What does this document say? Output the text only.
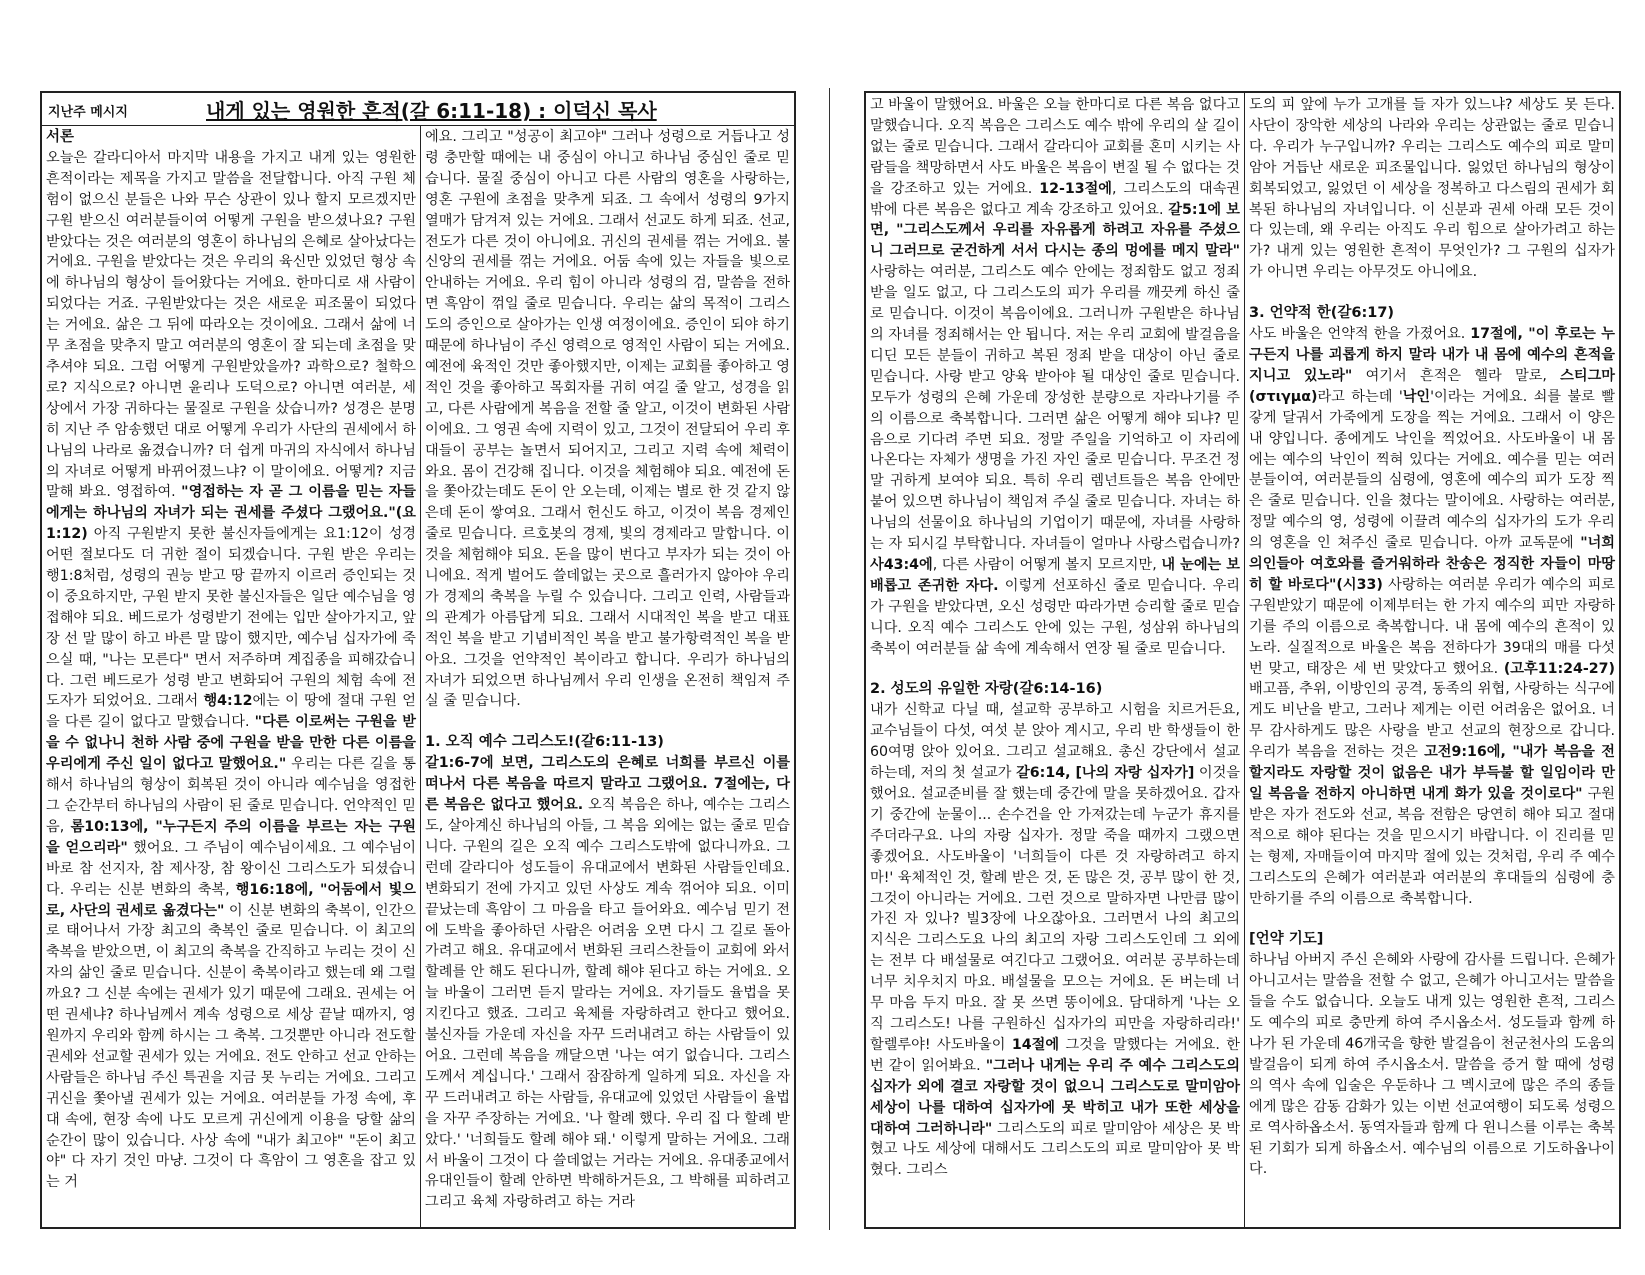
지난주 메시지	내게 있는 영원한 흔적(갈 6:11-18) : 이덕신 목사
서론

오늘은 갈라디아서 마지막 내용을 가지고 내게 있는 영원한 흔적이라는 제목을 가지고 말씀을 전달합니다. 아직 구원 체험이 없으신 분들은 나와 무슨 상관이 있나 할지 모르겠지만 구원 받으신 여러분들이여 어떻게 구원을 받으셨나요? 구원 받았다는 것은 여러분의 영혼이 하나님의 은혜로 살아났다는 거에요. 구원을 받았다는 것은 우리의 육신만 있었던 형상 속에 하나님의 형상이 들어왔다는 거에요. 한마디로 새 사람이 되었다는 거죠. 구원받았다는 것은 새로운 피조물이 되었다는 거에요. 삶은 그 뒤에 따라오는 것이에요. 그래서 삶에 너무 초점을 맞추지 말고 여러분의 영혼이 잘 되는데 초점을 맞추셔야 되요. 그럼 어떻게 구원받았을까? 과학으로? 철학으로? 지식으로? 아니면 윤리나 도덕으로? 아니면 여러분, 세상에서 가장 귀하다는 물질로 구원을 샀습니까? 성경은 분명히 지난 주 암송했던 대로 어떻게 우리가 사단의 권세에서 하나님의 나라로 옮겼습니까? 더 쉽게 마귀의 자식에서 하나님의 자녀로 어떻게 바뀌어졌느냐? 이 말이에요. 어떻게? 지금 말해 봐요. 영접하여. "영접하는 자 곧 그 이름을 믿는 자들에게는 하나님의 자녀가 되는 권세를 주셨다 그랬어요."(요1:12) 아직 구원받지 못한 불신자들에게는 요1:12이 성경 어떤 절보다도 더 귀한 절이 되겠습니다. 구원 받은 우리는 행1:8처럼, 성령의 권능 받고 땅 끝까지 이르러 증인되는 것이 중요하지만, 구원 받지 못한 불신자들은 일단 예수님을 영접해야 되요. 베드로가 성령받기 전에는 입만 살아가지고, 앞장 선 말 많이 하고 바른 말 많이 했지만, 예수님 십자가에 죽으실 때, "나는 모른다" 면서 저주하며 계집종을 피해갔습니다. 그런 베드로가 성령 받고 변화되어 구원의 체험 속에 전도자가 되었어요. 그래서 행4:12에는 이 땅에 절대 구원 얻을 다른 길이 없다고 말했습니다. "다른 이로써는 구원을 받을 수 없나니 천하 사람 중에 구원을 받을 만한 다른 이름을 우리에게 주신 일이 없다고 말했어요." 우리는 다른 길을 통해서 하나님의 형상이 회복된 것이 아니라 예수님을 영접한 그 순간부터 하나님의 사람이 된 줄로 믿습니다. 언약적인 믿음, 롬10:13에, "누구든지 주의 이름을 부르는 자는 구원을 얻으리라" 했어요. 그 주님이 예수님이세요. 그 예수님이 바로 참 선지자, 참 제사장, 참 왕이신 그리스도가 되셨습니다. 우리는 신분 변화의 축복, 행16:18에, "어둠에서 빛으로, 사단의 권세로 옮겼다는" 이 신분 변화의 축복이, 인간으로 태어나서 가장 최고의 축복인 줄로 믿습니다. 이 최고의 축복을 받았으면, 이 최고의 축복을 간직하고 누리는 것이 신자의 삶인 줄로 믿습니다. 신분이 축복이라고 했는데 왜 그럴까요? 그 신분 속에는 권세가 있기 때문에 그래요. 권세는 어떤 권세냐? 하나님께서 계속 성령으로 세상 끝날 때까지, 영원까지 우리와 함께 하시는 그 축복. 그것뿐만 아니라 전도할 권세와 선교할 권세가 있는 거에요. 전도 안하고 선교 안하는 사람들은 하나님 주신 특권을 지금 못 누리는 거에요. 그리고 귀신을 쫓아낼 권세가 있는 거에요. 여러분들 가정 속에, 후대 속에, 현장 속에 나도 모르게 귀신에게 이용을 당할 삶의 순간이 많이 있습니다. 사상 속에 "내가 최고야" "돈이 최고야" 다 자기 것인 마냥. 그것이 다 흑암이 그 영혼을 잡고 있는 거

에요. 그리고 "성공이 최고야" 그러나 성령으로 거듭나고 성령 충만할 때에는 내 중심이 아니고 하나님 중심인 줄로 믿습니다. 물질 중심이 아니고 다른 사람의 영혼을 사랑하는, 영혼 구원에 초점을 맞추게 되죠. 그 속에서 성령의 9가지 열매가 담겨져 있는 거에요. 그래서 선교도 하게 되죠. 선교, 전도가 다른 것이 아니에요. 귀신의 권세를 꺾는 거에요. 불신앙의 권세를 꺾는 거에요. 어둠 속에 있는 자들을 빛으로 안내하는 거에요. 우리 힘이 아니라 성령의 검, 말씀을 전하면 흑암이 꺾일 줄로 믿습니다. 우리는 삶의 목적이 그리스도의 증인으로 살아가는 인생 여정이에요. 증인이 되야 하기 때문에 하나님이 주신 영력으로 영적인 사람이 되는 거에요. 예전에 육적인 것만 좋아했지만, 이제는 교회를 좋아하고 영적인 것을 좋아하고 목회자를 귀히 여길 줄 알고, 성경을 읽고, 다른 사람에게 복음을 전할 줄 알고, 이것이 변화된 사람이에요. 그 영권 속에 지력이 있고, 그것이 전달되어 우리 후대들이 공부는 놀면서 되어지고, 그리고 지력 속에 체력이 와요. 몸이 건강해 집니다. 이것을 체험해야 되요. 예전에 돈을 쫓아갔는데도 돈이 안 오는데, 이제는 별로 한 것 같지 않은데 돈이 쌓여요. 그래서 헌신도 하고, 이것이 복음 경제인 줄로 믿습니다. 르호봇의 경제, 빛의 경제라고 말합니다. 이것을 체험해야 되요. 돈을 많이 번다고 부자가 되는 것이 아니에요. 적게 벌어도 쓸데없는 곳으로 흘러가지 않아야 우리가 경제의 축복을 누릴 수 있습니다. 그리고 인력, 사람들과의 관계가 아름답게 되요. 그래서 시대적인 복을 받고 대표적인 복을 받고 기념비적인 복을 받고 불가항력적인 복을 받아요. 그것을 언약적인 복이라고 합니다. 우리가 하나님의 자녀가 되었으면 하나님께서 우리 인생을 온전히 책임져 주실 줄 믿습니다.

1. 오직 예수 그리스도!(갈6:11-13)

갈1:6-7에 보면, 그리스도의 은혜로 너희를 부르신 이를 떠나서 다른 복음을 따르지 말라고 그랬어요. 7절에는, 다른 복음은 없다고 했어요. 오직 복음은 하나, 예수는 그리스도, 살아계신 하나님의 아들, 그 복음 외에는 없는 줄로 믿습니다. 구원의 길은 오직 예수 그리스도밖에 없다니까요. 그런데 갈라디아 성도들이 유대교에서 변화된 사람들인데요. 변화되기 전에 가지고 있던 사상도 계속 꺾어야 되요. 이미 끝났는데 흑암이 그 마음을 타고 들어와요. 예수님 믿기 전에 도박을 좋아하던 사람은 어려움 오면 다시 그 길로 돌아가려고 해요. 유대교에서 변화된 크리스찬들이 교회에 와서 할례를 안 해도 된다니까, 할례 해야 된다고 하는 거에요. 오늘 바울이 그러면 듣지 말라는 거에요. 자기들도 율법을 못 지킨다고 했죠. 그리고 육체를 자랑하려고 한다고 했어요. 불신자들 가운데 자신을 자꾸 드러내려고 하는 사람들이 있어요. 그런데 복음을 깨달으면 '나는 여기 없습니다. 그리스도께서 계십니다.' 그래서 잠잠하게 일하게 되요. 자신을 자꾸 드러내려고 하는 사람들, 유대교에 있었던 사람들이 율법을 자꾸 주장하는 거에요. '나 할례 했다. 우리 집 다 할례 받았다.' '너희들도 할례 해야 돼.' 이렇게 말하는 거에요. 그래서 바울이 그것이 다 쓸데없는 거라는 거에요. 유대종교에서 유대인들이 할례 안하면 박해하거든요, 그 박해를 피하려고 그리고 육체 자랑하려고 하는 거라

고 바울이 말했어요. 바울은 오늘 한마디로 다른 복음 없다고 말했습니다. 오직 복음은 그리스도 예수 밖에 우리의 살 길이 없는 줄로 믿습니다. 그래서 갈라디아 교회를 혼미 시키는 사람들을 책망하면서 사도 바울은 복음이 변질 될 수 없다는 것을 강조하고 있는 거에요. 12-13절에, 그리스도의 대속권 밖에 다른 복음은 없다고 계속 강조하고 있어요. 갈5:1에 보면, "그리스도께서 우리를 자유롭게 하려고 자유를 주셨으니 그러므로 굳건하게 서서 다시는 종의 멍에를 메지 말라" 사랑하는 여러분, 그리스도 예수 안에는 정죄함도 없고 정죄 받을 일도 없고, 다 그리스도의 피가 우리를 깨끗케 하신 줄로 믿습니다. 이것이 복음이에요. 그러니까 구원받은 하나님의 자녀를 정죄해서는 안 됩니다. 저는 우리 교회에 발걸음을 디딘 모든 분들이 귀하고 복된 정죄 받을 대상이 아닌 줄로 믿습니다. 사랑 받고 양육 받아야 될 대상인 줄로 믿습니다. 모두가 성령의 은혜 가운데 장성한 분량으로 자라나기를 주의 이름으로 축복합니다. 그러면 삶은 어떻게 해야 되냐? 믿음으로 기다려 주면 되요. 정말 주일을 기억하고 이 자리에 나온다는 자체가 생명을 가진 자인 줄로 믿습니다. 무조건 정말 귀하게 보여야 되요. 특히 우리 렘넌트들은 복음 안에만 붙어 있으면 하나님이 책임져 주실 줄로 믿습니다. 자녀는 하나님의 선물이요 하나님의 기업이기 때문에, 자녀를 사랑하는 자 되시길 부탁합니다. 자녀들이 얼마나 사랑스럽습니까? 사43:4에, 다른 사람이 어떻게 볼지 모르지만, 내 눈에는 보배롭고 존귀한 자다. 이렇게 선포하신 줄로 믿습니다. 우리가 구원을 받았다면, 오신 성령만 따라가면 승리할 줄로 믿습니다. 오직 예수 그리스도 안에 있는 구원, 성삼위 하나님의 축복이 여러분들 삶 속에 계속해서 연장 될 줄로 믿습니다.

2. 성도의 유일한 자랑(갈6:14-16)

내가 신학교 다닐 때, 설교학 공부하고 시험을 치르거든요, 교수님들이 다섯, 여섯 분 앉아 계시고, 우리 반 학생들이 한 60여명 앉아 있어요. 그리고 설교해요. 총신 강단에서 설교하는데, 저의 첫 설교가 갈6:14, [나의 자랑 십자가] 이것을 했어요. 설교준비를 잘 했는데 중간에 말을 못하겠어요. 갑자기 중간에 눈물이... 손수건을 안 가져갔는데 누군가 휴지를 주더라구요. 나의 자랑 십자가. 정말 죽을 때까지 그랬으면 좋겠어요. 사도바울이 '너희들이 다른 것 자랑하려고 하지마!' 육체적인 것, 할례 받은 것, 돈 많은 것, 공부 많이 한 것, 그것이 아니라는 거에요. 그런 것으로 말하자면 나만큼 많이 가진 자 있나? 빌3장에 나오잖아요. 그러면서 나의 최고의 지식은 그리스도요 나의 최고의 자랑 그리스도인데 그 외에는 전부 다 배설물로 여긴다고 그랬어요. 여러분 공부하는데 너무 치우치지 마요. 배설물을 모으는 거에요. 돈 버는데 너무 마음 두지 마요. 잘 못 쓰면 똥이에요. 담대하게 '나는 오직 그리스도! 나를 구원하신 십자가의 피만을 자랑하리라!' 할렐루야! 사도바울이 14절에 그것을 말했다는 거에요. 한 번 같이 읽어봐요. "그러나 내게는 우리 주 예수 그리스도의 십자가 외에 결코 자랑할 것이 없으니 그리스도로 말미암아 세상이 나를 대하여 십자가에 못 박히고 내가 또한 세상을 대하여 그러하니라" 그리스도의 피로 말미암아 세상은 못 박혔고 나도 세상에 대해서도 그리스도의 피로 말미암아 못 박혔다. 그리스

도의 피 앞에 누가 고개를 들 자가 있느냐? 세상도 못 든다. 사단이 장악한 세상의 나라와 우리는 상관없는 줄로 믿습니다. 우리가 누구입니까? 우리는 그리스도 예수의 피로 말미암아 거듭난 새로운 피조물입니다. 잃었던 하나님의 형상이 회복되었고, 잃었던 이 세상을 정복하고 다스림의 권세가 회복된 하나님의 자녀입니다. 이 신분과 권세 아래 모든 것이 다 있는데, 왜 우리는 아직도 우리 힘으로 살아가려고 하는가? 내게 있는 영원한 흔적이 무엇인가? 그 구원의 십자가가 아니면 우리는 아무것도 아니에요.

3. 언약적 한(갈6:17)

사도 바울은 언약적 한을 가졌어요. 17절에, "이 후로는 누구든지 나를 괴롭게 하지 말라 내가 내 몸에 예수의 흔적을 지니고 있노라" 여기서 흔적은 헬라 말로, 스티그마(στιγμα)라고 하는데 '낙인'이라는 거에요. 쇠를 불로 빨갛게 달궈서 가죽에게 도장을 찍는 거에요. 그래서 이 양은 내 양입니다. 종에게도 낙인을 찍었어요. 사도바울이 내 몸에는 예수의 낙인이 찍혀 있다는 거에요. 예수를 믿는 여러분들이여, 여러분들의 심령에, 영혼에 예수의 피가 도장 찍은 줄로 믿습니다. 인을 쳤다는 말이에요. 사랑하는 여러분, 정말 예수의 영, 성령에 이끌려 예수의 십자가의 도가 우리의 영혼을 인 쳐주신 줄로 믿습니다. 아까 교독문에 "너희 의인들아 여호와를 즐거워하라 찬송은 정직한 자들이 마땅히 할 바로다"(시33) 사랑하는 여러분 우리가 예수의 피로 구원받았기 때문에 이제부터는 한 가지 예수의 피만 자랑하기를 주의 이름으로 축복합니다. 내 몸에 예수의 흔적이 있노라. 실질적으로 바울은 복음 전하다가 39대의 매를 다섯 번 맞고, 태장은 세 번 맞았다고 했어요. (고후11:24-27) 배고픔, 추위, 이방인의 공격, 동족의 위협, 사랑하는 식구에게도 비난을 받고, 그러나 제게는 이런 어려움은 없어요. 너무 감사하게도 많은 사랑을 받고 선교의 현장으로 갑니다. 우리가 복음을 전하는 것은 고전9:16에, "내가 복음을 전할지라도 자랑할 것이 없음은 내가 부득불 할 일임이라 만일 복음을 전하지 아니하면 내게 화가 있을 것이로다" 구원 받은 자가 전도와 선교, 복음 전함은 당연히 해야 되고 절대적으로 해야 된다는 것을 믿으시기 바랍니다. 이 진리를 믿는 형제, 자매들이여 마지막 절에 있는 것처럼, 우리 주 예수 그리스도의 은혜가 여러분과 여러분의 후대들의 심령에 충만하기를 주의 이름으로 축복합니다.

[언약 기도]

하나님 아버지 주신 은혜와 사랑에 감사를 드립니다. 은혜가 아니고서는 말씀을 전할 수 없고, 은혜가 아니고서는 말씀을 들을 수도 없습니다. 오늘도 내게 있는 영원한 흔적, 그리스도 예수의 피로 충만케 하여 주시옵소서. 성도들과 함께 하나가 된 가운데 46개국을 향한 발걸음이 천군천사의 도움의 발걸음이 되게 하여 주시옵소서. 말씀을 증거 할 때에 성령의 역사 속에 입술은 우둔하나 그 멕시코에 많은 주의 종들에게 많은 감동 감화가 있는 이번 선교여행이 되도록 성령으로 역사하옵소서. 동역자들과 함께 다 윈니스를 이루는 축복된 기회가 되게 하옵소서. 예수님의 이름으로 기도하옵나이다.
